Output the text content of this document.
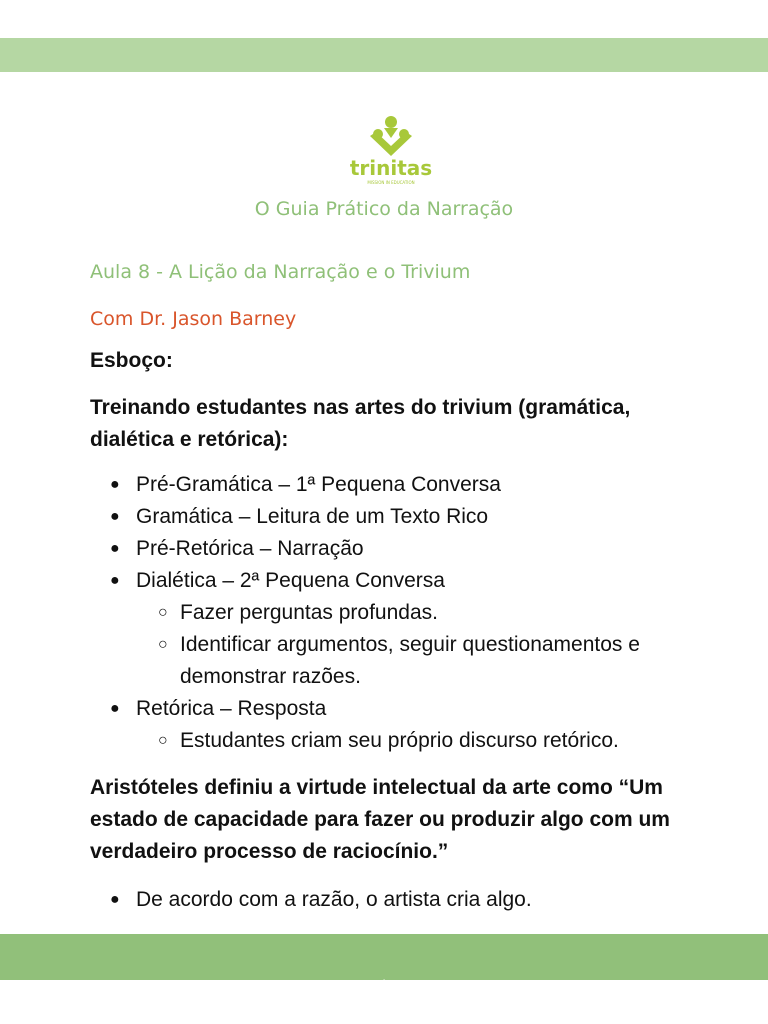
trinitas
MISSION IN EDUCATION
O Guia Prático da Narração
Aula 8 - A Lição da Narração e o Trivium
Com Dr. Jason Barney
Esboço:
Treinando estudantes nas artes do trivium (gramática, dialética e retórica):
● Pré-Gramática – 1ª Pequena Conversa
● Gramática – Leitura de um Texto Rico
● Pré-Retórica – Narração
● Dialética – 2ª Pequena Conversa
○ Fazer perguntas profundas.
○ Identificar argumentos, seguir questionamentos e demonstrar razões.
● Retórica – Resposta
○ Estudantes criam seu próprio discurso retórico.
Aristóteles definiu a virtude intelectual da arte como “Um estado de capacidade para fazer ou produzir algo com um verdadeiro processo de raciocínio.”
● De acordo com a razão, o artista cria algo.
1
